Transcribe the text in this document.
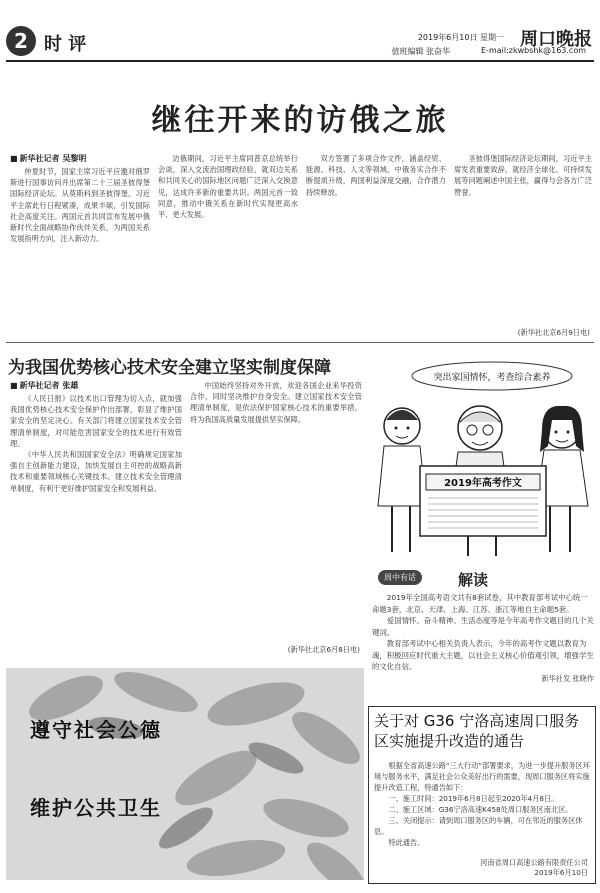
2 时 评	2019年6月10日 星期一 周口晚报
值班编辑 张奋华	E-mail:zkwbshk@163.com
继往开来的访俄之旅
■ 新华社记者 吴黎明

仲夏时节，国家主席习近平应邀对俄罗斯进行国事访问并出席第二十三届圣彼得堡国际经济论坛。从莫斯科到圣彼得堡，习近平主席此行日程紧凑，成果丰硕，引发国际社会高度关注。两国元首共同宣布发展中俄新时代全面战略协作伙伴关系，为两国关系发展指明方向，注入新动力。

访俄期间，习近平主席同普京总统举行会谈，深入交流治国理政经验，就双边关系和共同关心的国际地区问题广泛深入交换意见，达成许多新的重要共识。两国元首一致同意，推动中俄关系在新时代实现更高水平、更大发展。

双方签署了多项合作文件，涵盖经贸、能源、科技、人文等领域。中俄务实合作不断提质升级，两国利益深度交融，合作潜力持续释放。

圣彼得堡国际经济论坛期间，习近平主席发表重要致辞，就经济全球化、可持续发展等问题阐述中国主张，赢得与会各方广泛赞誉。

(新华社北京6月9日电)
为我国优势核心技术安全建立坚实制度保障
■ 新华社记者 张雄

《人民日报》以技术出口管理为切入点，就加强我国优势核心技术安全保护作出部署，彰显了维护国家安全的坚定决心。有关部门将建立国家技术安全管理清单制度，对可能危害国家安全的技术进行有效管理。

《中华人民共和国国家安全法》明确规定国家加强自主创新能力建设，加快发展自主可控的战略高新技术和重要领域核心关键技术。建立技术安全管理清单制度，有利于更好维护国家安全和发展利益。

中国始终坚持对外开放，欢迎各国企业来华投资合作，同时坚决维护自身安全。建立国家技术安全管理清单制度，是依法保护国家核心技术的重要举措，将为我国高质量发展提供坚实保障。

(新华社北京6月8日电)
突出家国情怀，考查综合素养
2019年高考作文
周中有话	解读

2019年全国高考语文共有8套试卷，其中教育部考试中心统一命题3套，北京、天津、上海、江苏、浙江等地自主命题5套。

爱国情怀、奋斗精神、生活态度等是今年高考作文题目的几个关键词。

教育部考试中心相关负责人表示，今年的高考作文题以教育为魂，积极回应时代重大主题，以社会主义核心价值观引领，增强学生的文化自信。

新华社发 张晓作
遵守社会公德
维护公共卫生
关于对 G36 宁洛高速周口服务区实施提升改造的通告

根据全省高速公路“三大行动”部署要求，为进一步提升服务区环境与服务水平，满足社会公众美好出行的需要，现周口服务区将实施提升改造工程，特通告如下：

一、施工时间：2019年6月8日起至2020年4月8日。

二、施工区域：G36宁洛高速K458处周口服务区南北区。

三、关闭提示：请到周口服务区的车辆，可在邻近的服务区休息。

特此通告。

河南省周口高速公路有限责任公司
2019年6月10日
